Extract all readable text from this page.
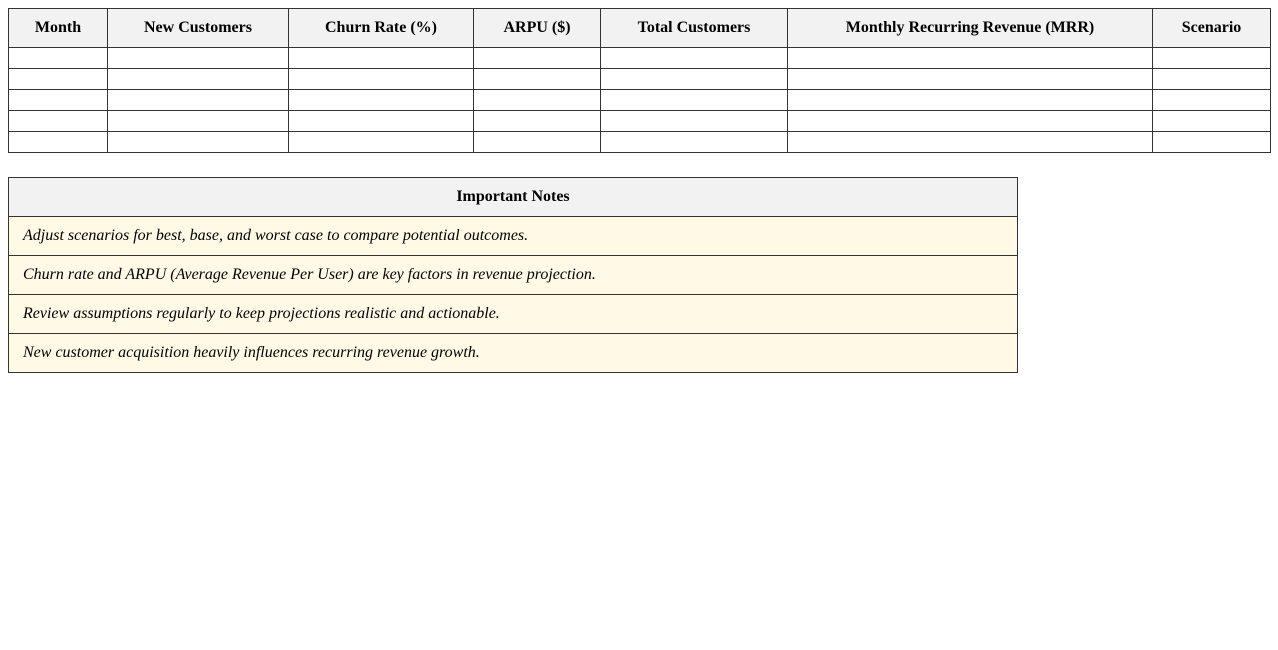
Month	New Customers	Churn Rate (%)	ARPU ($)	Total Customers	Monthly Recurring Revenue (MRR)	Scenario

Important Notes
Adjust scenarios for best, base, and worst case to compare potential outcomes.
Churn rate and ARPU (Average Revenue Per User) are key factors in revenue projection.
Review assumptions regularly to keep projections realistic and actionable.
New customer acquisition heavily influences recurring revenue growth.
